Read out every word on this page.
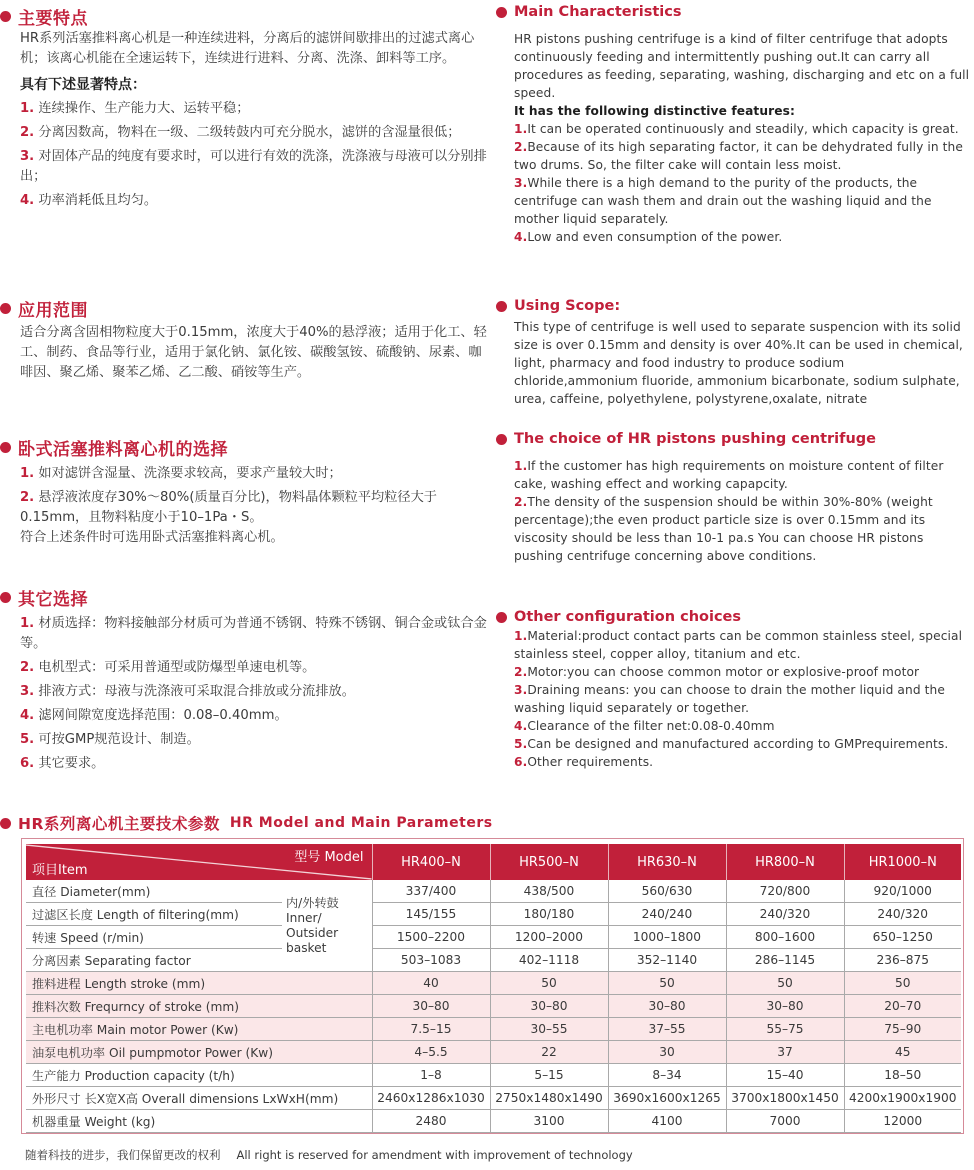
主要特点

HR系列活塞推料离心机是一种连续进料，分离后的滤饼间歇排出的过滤式离心机；该离心机能在全速运转下，连续进行进料、分离、洗涤、卸料等工序。

具有下述显著特点：

1. 连续操作、生产能力大、运转平稳；

2. 分离因数高，物料在一级、二级转鼓内可充分脱水，滤饼的含湿量很低；

3. 对固体产品的纯度有要求时，可以进行有效的洗涤，洗涤液与母液可以分别排出；

4. 功率消耗低且均匀。

应用范围

适合分离含固相物粒度大于0.15mm，浓度大于40%的悬浮液；适用于化工、轻工、制药、食品等行业，适用于氯化钠、氯化铵、碳酸氢铵、硫酸钠、尿素、咖啡因、聚乙烯、聚苯乙烯、乙二酸、硝铵等生产。

卧式活塞推料离心机的选择

1. 如对滤饼含湿量、洗涤要求较高，要求产量较大时；

2. 悬浮液浓度存30%～80%(质量百分比)，物料晶体颗粒平均粒径大于0.15mm，且物料粘度小于10–1Pa・S。

符合上述条件时可选用卧式活塞推料离心机。

其它选择

1. 材质选择：物料接触部分材质可为普通不锈钢、特殊不锈钢、铜合金或钛合金等。

2. 电机型式：可采用普通型或防爆型单速电机等。

3. 排液方式：母液与洗涤液可采取混合排放或分流排放。

4. 滤网间隙宽度选择范围：0.08–0.40mm。

5. 可按GMP规范设计、制造。

6. 其它要求。

Main Characteristics

HR pistons pushing centrifuge is a kind of filter centrifuge that adopts continuously feeding and intermittently pushing out.It can carry all procedures as feeding, separating, washing, discharging and etc on a full speed.

It has the following distinctive features:

1.It can be operated continuously and steadily, which capacity is great.

2.Because of its high separating factor, it can be dehydrated fully in the two drums. So, the filter cake will contain less moist.

3.While there is a high demand to the purity of the products, the centrifuge can wash them and drain out the washing liquid and the mother liquid separately.

4.Low and even consumption of the power.

Using Scope:

This type of centrifuge is well used to separate suspencion with its solid size is over 0.15mm and density is over 40%.It can be used in chemical, light, pharmacy and food industry to produce sodium chloride,ammonium fluoride, ammonium bicarbonate, sodium sulphate, urea, caffeine, polyethylene, polystyrene,oxalate, nitrate

The choice of HR pistons pushing centrifuge

1.If the customer has high requirements on moisture content of filter cake, washing effect and working capapcity.

2.The density of the suspension should be within 30%-80% (weight percentage);the even product particle size is over 0.15mm and its viscosity should be less than 10-1 pa.s You can choose HR pistons pushing centrifuge concerning above conditions.

Other configuration choices

1.Material:product contact parts can be common stainless steel, special stainless steel, copper alloy, titanium and etc.

2.Motor:you can choose common motor or explosive-proof motor

3.Draining means: you can choose to drain the mother liquid and the washing liquid separately or together.

4.Clearance of the filter net:0.08-0.40mm

5.Can be designed and manufactured according to GMPrequirements.

6.Other requirements.

HR系列离心机主要技术参数 HR Model and Main Parameters
型号 Model
项目Item		HR400–N	HR500–N	HR630–N	HR800–N	HR1000–N
直径 Diameter(mm)	内/外转鼓
Inner/
Outsider
basket	337/400	438/500	560/630	720/800	920/1000
过滤区长度 Length of filtering(mm)		145/155	180/180	240/240	240/320	240/320
转速 Speed (r/min)		1500–2200	1200–2000	1000–1800	800–1600	650–1250
分离因素 Separating factor		503–1083	402–1118	352–1140	286–1145	236–875
推料进程 Length stroke (mm)		40	50	50	50	50
推料次数 Frequrncy of stroke (mm)		30–80	30–80	30–80	30–80	20–70
主电机功率 Main motor Power (Kw)		7.5–15	30–55	37–55	55–75	75–90
油泵电机功率 Oil pumpmotor Power (Kw)		4–5.5	22	30	37	45
生产能力 Production capacity (t/h)		1–8	5–15	8–34	15–40	18–50
外形尺寸 长X宽X高 Overall dimensions LxWxH(mm)		2460x1286x1030	2750x1480x1490	3690x1600x1265	3700x1800x1450	4200x1900x1900
机器重量 Weight (kg)		2480	3100	4100	7000	12000
随着科技的进步，我们保留更改的权利 All right is reserved for amendment with improvement of technology
